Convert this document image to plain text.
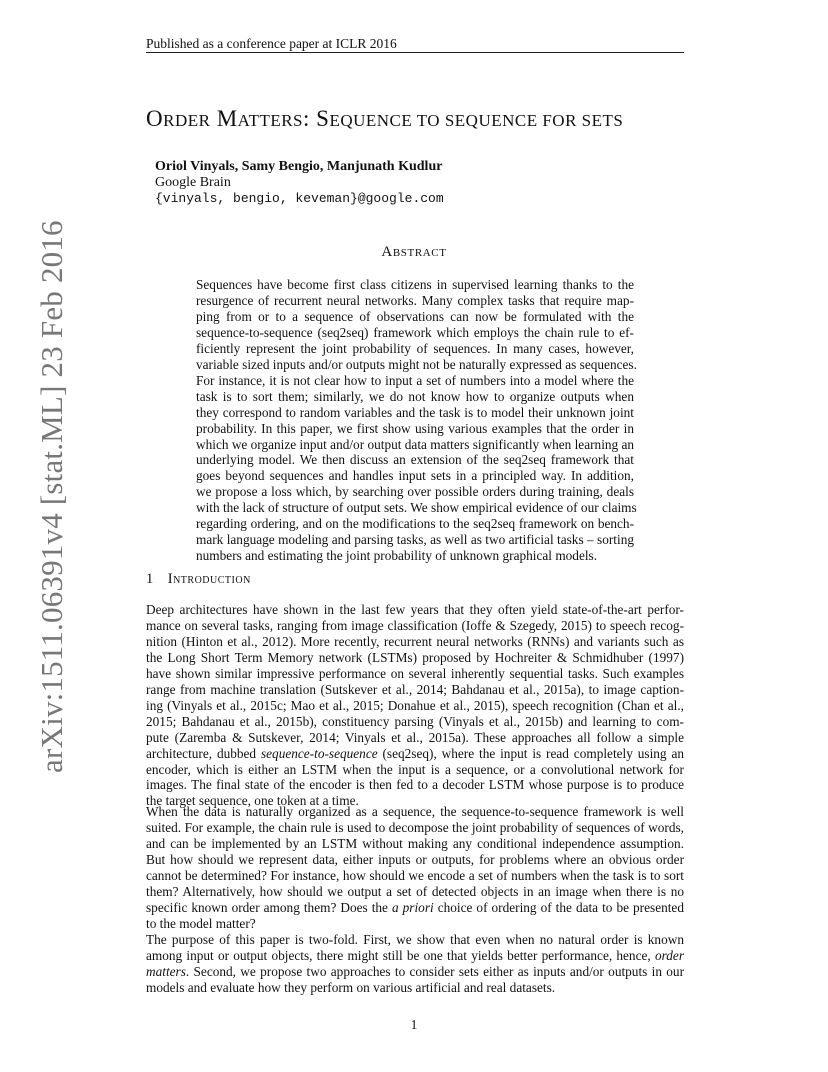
Published as a conference paper at ICLR 2016
arXiv:1511.06391v4 [stat.ML] 23 Feb 2016
ORDER MATTERS: SEQUENCE TO SEQUENCE FOR SETS
Oriol Vinyals, Samy Bengio, Manjunath Kudlur
Google Brain
{vinyals, bengio, keveman}@google.com
Abstract
Sequences have become first class citizens in supervised learning thanks to the
resurgence of recurrent neural networks. Many complex tasks that require map-
ping from or to a sequence of observations can now be formulated with the
sequence-to-sequence (seq2seq) framework which employs the chain rule to ef-
ficiently represent the joint probability of sequences. In many cases, however,
variable sized inputs and/or outputs might not be naturally expressed as sequences.
For instance, it is not clear how to input a set of numbers into a model where the
task is to sort them; similarly, we do not know how to organize outputs when
they correspond to random variables and the task is to model their unknown joint
probability. In this paper, we first show using various examples that the order in
which we organize input and/or output data matters significantly when learning an
underlying model. We then discuss an extension of the seq2seq framework that
goes beyond sequences and handles input sets in a principled way. In addition,
we propose a loss which, by searching over possible orders during training, deals
with the lack of structure of output sets. We show empirical evidence of our claims
regarding ordering, and on the modifications to the seq2seq framework on bench-
mark language modeling and parsing tasks, as well as two artificial tasks – sorting
numbers and estimating the joint probability of unknown graphical models.
1 Introduction
Deep architectures have shown in the last few years that they often yield state-of-the-art perfor-
mance on several tasks, ranging from image classification (Ioffe & Szegedy, 2015) to speech recog-
nition (Hinton et al., 2012). More recently, recurrent neural networks (RNNs) and variants such as
the Long Short Term Memory network (LSTMs) proposed by Hochreiter & Schmidhuber (1997)
have shown similar impressive performance on several inherently sequential tasks. Such examples
range from machine translation (Sutskever et al., 2014; Bahdanau et al., 2015a), to image caption-
ing (Vinyals et al., 2015c; Mao et al., 2015; Donahue et al., 2015), speech recognition (Chan et al.,
2015; Bahdanau et al., 2015b), constituency parsing (Vinyals et al., 2015b) and learning to com-
pute (Zaremba & Sutskever, 2014; Vinyals et al., 2015a). These approaches all follow a simple
architecture, dubbed sequence-to-sequence (seq2seq), where the input is read completely using an
encoder, which is either an LSTM when the input is a sequence, or a convolutional network for
images. The final state of the encoder is then fed to a decoder LSTM whose purpose is to produce
the target sequence, one token at a time.
When the data is naturally organized as a sequence, the sequence-to-sequence framework is well
suited. For example, the chain rule is used to decompose the joint probability of sequences of words,
and can be implemented by an LSTM without making any conditional independence assumption.
But how should we represent data, either inputs or outputs, for problems where an obvious order
cannot be determined? For instance, how should we encode a set of numbers when the task is to sort
them? Alternatively, how should we output a set of detected objects in an image when there is no
specific known order among them? Does the a priori choice of ordering of the data to be presented
to the model matter?
The purpose of this paper is two-fold. First, we show that even when no natural order is known
among input or output objects, there might still be one that yields better performance, hence, order
matters. Second, we propose two approaches to consider sets either as inputs and/or outputs in our
models and evaluate how they perform on various artificial and real datasets.
1
